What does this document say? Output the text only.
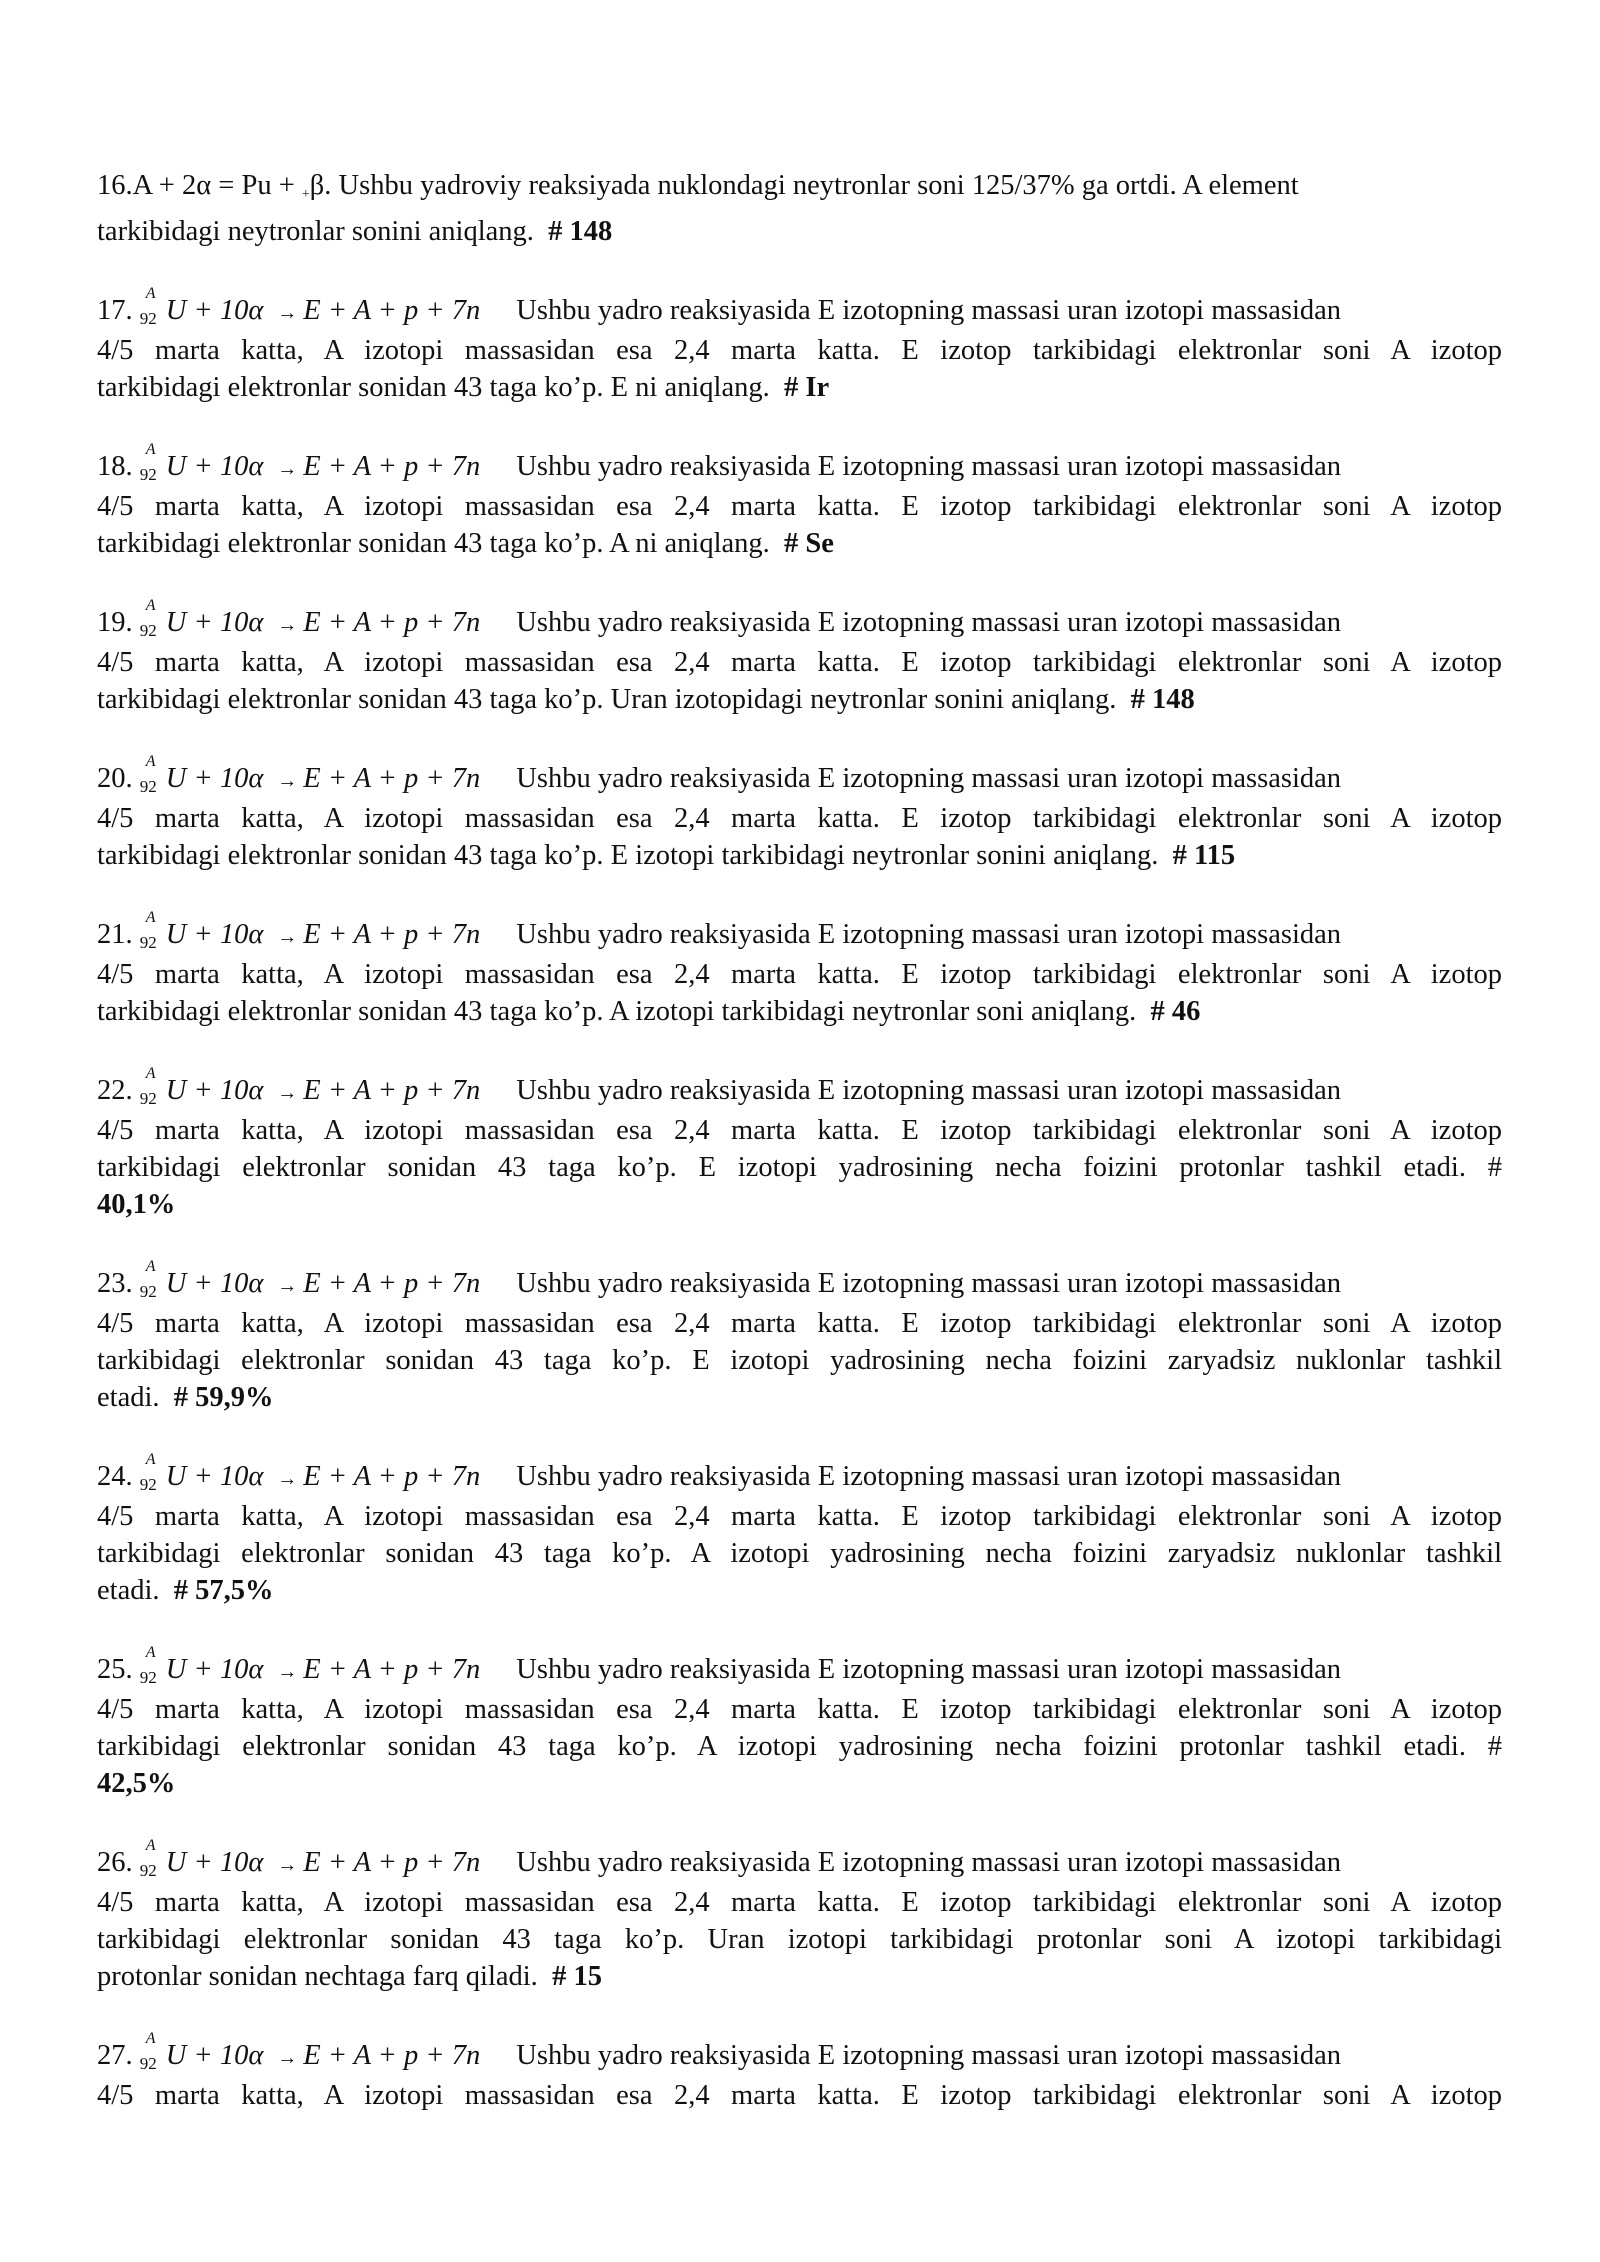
16.A + 2α = Pu + +β. Ushbu yadroviy reaksiyada nuklondagi neytronlar soni 125/37% ga ortdi. A element
tarkibidagi neytronlar sonini aniqlang. # 148
17.
A
92 U + 10α → E + A + p + 7n Ushbu yadro reaksiyasida E izotopning massasi uran izotopi massasidan
4/5 marta katta, A izotopi massasidan esa 2,4 marta katta. E izotop tarkibidagi elektronlar soni A izotop
tarkibidagi elektronlar sonidan 43 taga ko’p. E ni aniqlang. # Ir
18.
A
92 U + 10α → E + A + p + 7n Ushbu yadro reaksiyasida E izotopning massasi uran izotopi massasidan
4/5 marta katta, A izotopi massasidan esa 2,4 marta katta. E izotop tarkibidagi elektronlar soni A izotop
tarkibidagi elektronlar sonidan 43 taga ko’p. A ni aniqlang. # Se
19.
A
92 U + 10α → E + A + p + 7n Ushbu yadro reaksiyasida E izotopning massasi uran izotopi massasidan
4/5 marta katta, A izotopi massasidan esa 2,4 marta katta. E izotop tarkibidagi elektronlar soni A izotop
tarkibidagi elektronlar sonidan 43 taga ko’p. Uran izotopidagi neytronlar sonini aniqlang. # 148
20.
A
92 U + 10α → E + A + p + 7n Ushbu yadro reaksiyasida E izotopning massasi uran izotopi massasidan
4/5 marta katta, A izotopi massasidan esa 2,4 marta katta. E izotop tarkibidagi elektronlar soni A izotop
tarkibidagi elektronlar sonidan 43 taga ko’p. E izotopi tarkibidagi neytronlar sonini aniqlang. # 115
21.
A
92 U + 10α → E + A + p + 7n Ushbu yadro reaksiyasida E izotopning massasi uran izotopi massasidan
4/5 marta katta, A izotopi massasidan esa 2,4 marta katta. E izotop tarkibidagi elektronlar soni A izotop
tarkibidagi elektronlar sonidan 43 taga ko’p. A izotopi tarkibidagi neytronlar soni aniqlang. # 46
22.
A
92 U + 10α → E + A + p + 7n Ushbu yadro reaksiyasida E izotopning massasi uran izotopi massasidan
4/5 marta katta, A izotopi massasidan esa 2,4 marta katta. E izotop tarkibidagi elektronlar soni A izotop
tarkibidagi elektronlar sonidan 43 taga ko’p. E izotopi yadrosining necha foizini protonlar tashkil etadi. #
40,1%
23.
A
92 U + 10α → E + A + p + 7n Ushbu yadro reaksiyasida E izotopning massasi uran izotopi massasidan
4/5 marta katta, A izotopi massasidan esa 2,4 marta katta. E izotop tarkibidagi elektronlar soni A izotop
tarkibidagi elektronlar sonidan 43 taga ko’p. E izotopi yadrosining necha foizini zaryadsiz nuklonlar tashkil
etadi. # 59,9%
24.
A
92 U + 10α → E + A + p + 7n Ushbu yadro reaksiyasida E izotopning massasi uran izotopi massasidan
4/5 marta katta, A izotopi massasidan esa 2,4 marta katta. E izotop tarkibidagi elektronlar soni A izotop
tarkibidagi elektronlar sonidan 43 taga ko’p. A izotopi yadrosining necha foizini zaryadsiz nuklonlar tashkil
etadi. # 57,5%
25.
A
92 U + 10α → E + A + p + 7n Ushbu yadro reaksiyasida E izotopning massasi uran izotopi massasidan
4/5 marta katta, A izotopi massasidan esa 2,4 marta katta. E izotop tarkibidagi elektronlar soni A izotop
tarkibidagi elektronlar sonidan 43 taga ko’p. A izotopi yadrosining necha foizini protonlar tashkil etadi. #
42,5%
26.
A
92 U + 10α → E + A + p + 7n Ushbu yadro reaksiyasida E izotopning massasi uran izotopi massasidan
4/5 marta katta, A izotopi massasidan esa 2,4 marta katta. E izotop tarkibidagi elektronlar soni A izotop
tarkibidagi elektronlar sonidan 43 taga ko’p. Uran izotopi tarkibidagi protonlar soni A izotopi tarkibidagi
protonlar sonidan nechtaga farq qiladi. # 15
27.
A
92 U + 10α → E + A + p + 7n Ushbu yadro reaksiyasida E izotopning massasi uran izotopi massasidan
4/5 marta katta, A izotopi massasidan esa 2,4 marta katta. E izotop tarkibidagi elektronlar soni A izotop
